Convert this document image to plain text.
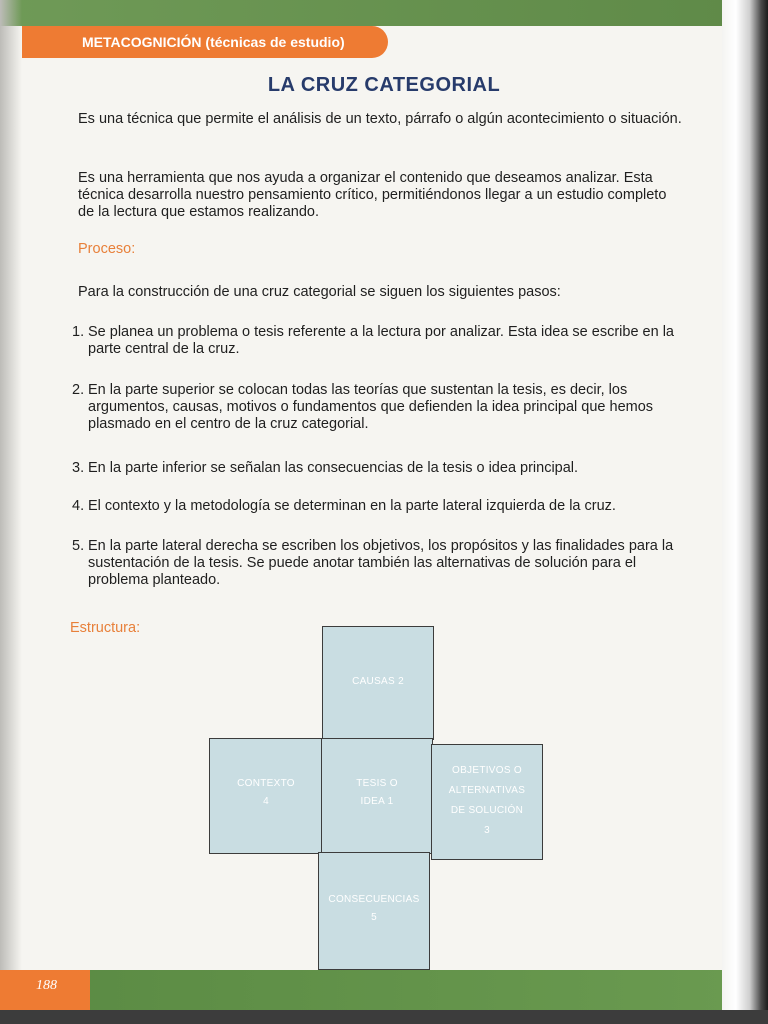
METACOGNICIÓN (técnicas de estudio)
LA CRUZ CATEGORIAL
Es una técnica que permite el análisis de un texto, párrafo o algún acontecimiento o situación.
Es una herramienta que nos ayuda a organizar el contenido que deseamos analizar. Esta técnica desarrolla nuestro pensamiento crítico, permitiéndonos llegar a un estudio completo de la lectura que estamos realizando.
Proceso:
Para la construcción de una cruz categorial se siguen los siguientes pasos:
1. Se planea un problema o tesis referente a la lectura por analizar. Esta idea se escribe en la parte central de la cruz.
2. En la parte superior se colocan todas las teorías que sustentan la tesis, es decir, los argumentos, causas, motivos o fundamentos que defienden la idea principal que hemos plasmado en el centro de la cruz categorial.
3. En la parte inferior se señalan las consecuencias de la tesis o idea principal.
4. El contexto y la metodología se determinan en la parte lateral izquierda de la cruz.
5. En la parte lateral derecha se escriben los objetivos, los propósitos y las finalidades para la sustentación de la tesis. Se puede anotar también las alternativas de solución para el problema planteado.
Estructura:
CAUSAS 2
CONTEXTO
4
TESIS O
IDEA 1
OBJETIVOS O
ALTERNATIVAS
DE SOLUCIÓN
3
CONSECUENCIAS
5
188
